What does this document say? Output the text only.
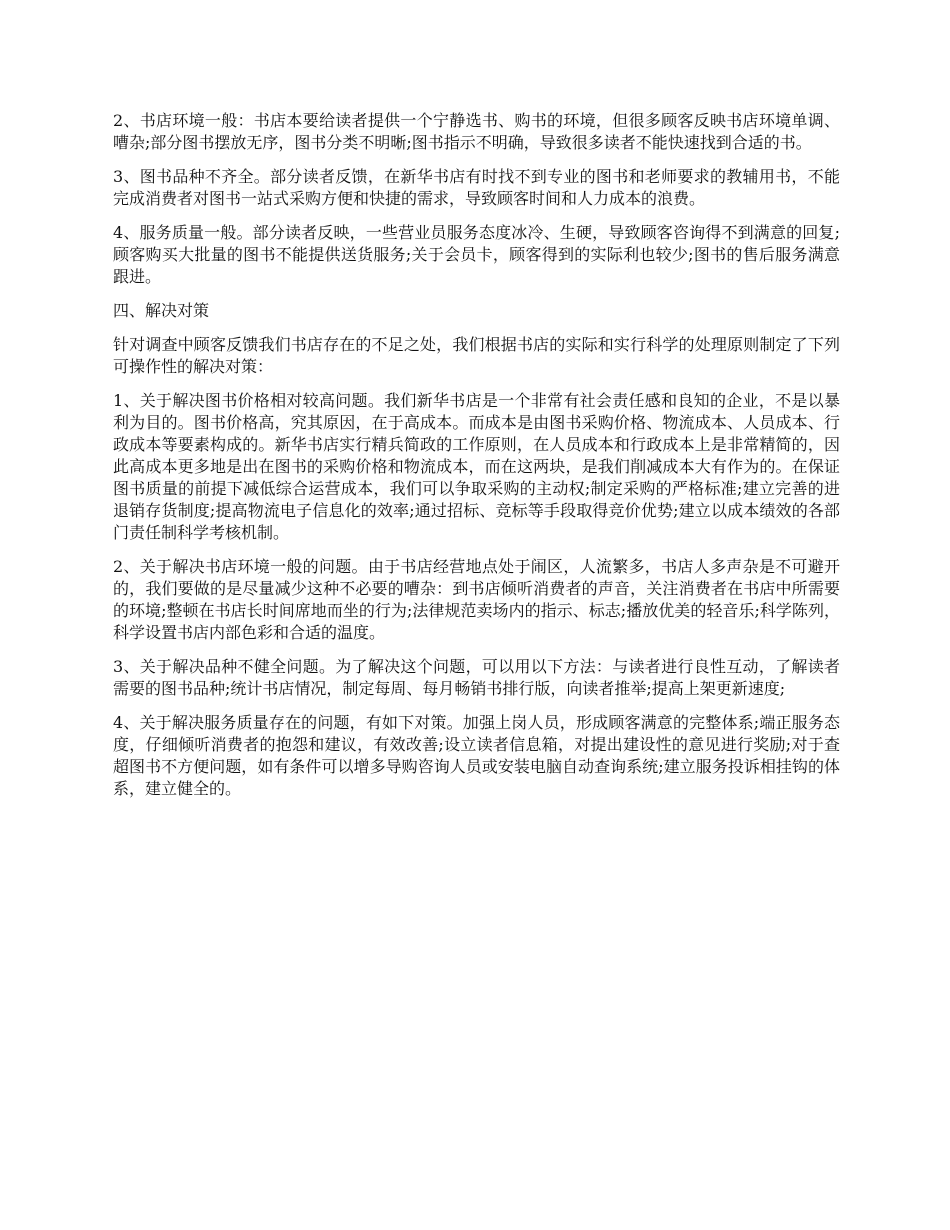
2、书店环境一般：书店本要给读者提供一个宁静选书、购书的环境，但很多顾客反映书店环境单调、嘈杂;部分图书摆放无序，图书分类不明晰;图书指示不明确，导致很多读者不能快速找到合适的书。

3、图书品种不齐全。部分读者反馈，在新华书店有时找不到专业的图书和老师要求的教辅用书，不能完成消费者对图书一站式采购方便和快捷的需求，导致顾客时间和人力成本的浪费。

4、服务质量一般。部分读者反映，一些营业员服务态度冰冷、生硬，导致顾客咨询得不到满意的回复;顾客购买大批量的图书不能提供送货服务;关于会员卡，顾客得到的实际利也较少;图书的售后服务满意跟进。

四、解决对策

针对调查中顾客反馈我们书店存在的不足之处，我们根据书店的实际和实行科学的处理原则制定了下列可操作性的解决对策：

1、关于解决图书价格相对较高问题。我们新华书店是一个非常有社会责任感和良知的企业，不是以暴利为目的。图书价格高，究其原因，在于高成本。而成本是由图书采购价格、物流成本、人员成本、行政成本等要素构成的。新华书店实行精兵简政的工作原则，在人员成本和行政成本上是非常精简的，因此高成本更多地是出在图书的采购价格和物流成本，而在这两块，是我们削减成本大有作为的。在保证图书质量的前提下减低综合运营成本，我们可以争取采购的主动权;制定采购的严格标准;建立完善的进退销存货制度;提高物流电子信息化的效率;通过招标、竞标等手段取得竞价优势;建立以成本绩效的各部门责任制科学考核机制。

2、关于解决书店环境一般的问题。由于书店经营地点处于闹区，人流繁多，书店人多声杂是不可避开的，我们要做的是尽量减少这种不必要的嘈杂：到书店倾听消费者的声音，关注消费者在书店中所需要的环境;整顿在书店长时间席地而坐的行为;法律规范卖场内的指示、标志;播放优美的轻音乐;科学陈列，科学设置书店内部色彩和合适的温度。

3、关于解决品种不健全问题。为了解决这个问题，可以用以下方法：与读者进行良性互动，了解读者需要的图书品种;统计书店情况，制定每周、每月畅销书排行版，向读者推举;提高上架更新速度;

4、关于解决服务质量存在的问题，有如下对策。加强上岗人员，形成顾客满意的完整体系;端正服务态度，仔细倾听消费者的抱怨和建议，有效改善;设立读者信息箱，对提出建设性的意见进行奖励;对于查超图书不方便问题，如有条件可以增多导购咨询人员或安装电脑自动查询系统;建立服务投诉相挂钩的体系，建立健全的。
